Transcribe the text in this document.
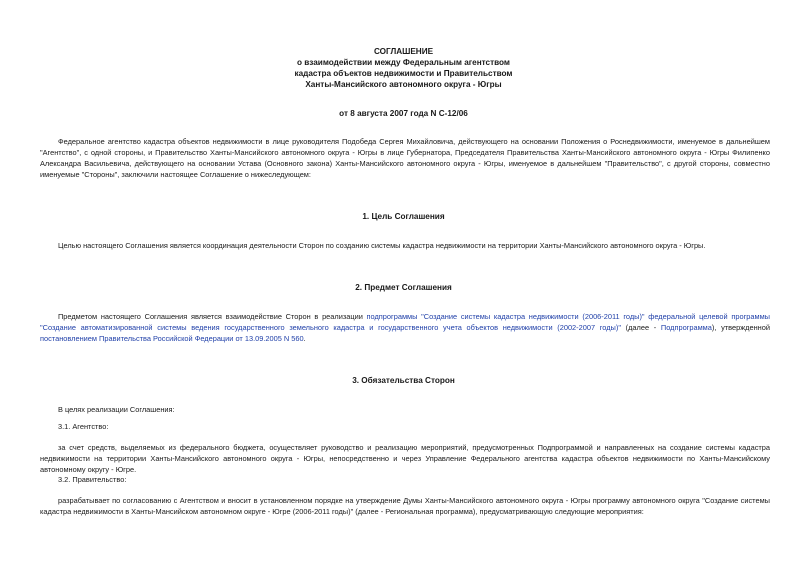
СОГЛАШЕНИЕ
о взаимодействии между Федеральным агентством
кадастра объектов недвижимости и Правительством
Ханты-Мансийского автономного округа - Югры
от 8 августа 2007 года N С-12/06
Федеральное агентство кадастра объектов недвижимости в лице руководителя Подобеда Сергея Михайловича, действующего на основании Положения о Роснедвижимости, именуемое в дальнейшем "Агентство", с одной стороны, и Правительство Ханты-Мансийского автономного округа - Югры в лице Губернатора, Председателя Правительства Ханты-Мансийского автономного округа - Югры Филипенко Александра Васильевича, действующего на основании Устава (Основного закона) Ханты-Мансийского автономного округа - Югры, именуемое в дальнейшем "Правительство", с другой стороны, совместно именуемые "Стороны", заключили настоящее Соглашение о нижеследующем:
1. Цель Соглашения
Целью настоящего Соглашения является координация деятельности Сторон по созданию системы кадастра недвижимости на территории Ханты-Мансийского автономного округа - Югры.
2. Предмет Соглашения
Предметом настоящего Соглашения является взаимодействие Сторон в реализации подпрограммы "Создание системы кадастра недвижимости (2006-2011 годы)" федеральной целевой программы "Создание автоматизированной системы ведения государственного земельного кадастра и государственного учета объектов недвижимости (2002-2007 годы)" (далее - Подпрограмма), утвержденной постановлением Правительства Российской Федерации от 13.09.2005 N 560.
3. Обязательства Сторон
В целях реализации Соглашения:
3.1. Агентство:
за счет средств, выделяемых из федерального бюджета, осуществляет руководство и реализацию мероприятий, предусмотренных Подпрограммой и направленных на создание системы кадастра недвижимости на территории Ханты-Мансийского автономного округа - Югры, непосредственно и через Управление Федерального агентства кадастра объектов недвижимости по Ханты-Мансийскому автономному округу - Югре.
3.2. Правительство:
разрабатывает по согласованию с Агентством и вносит в установленном порядке на утверждение Думы Ханты-Мансийского автономного округа - Югры программу автономного округа "Создание системы кадастра недвижимости в Ханты-Мансийском автономном округе - Югре (2006-2011 годы)" (далее - Региональная программа), предусматривающую следующие мероприятия:
